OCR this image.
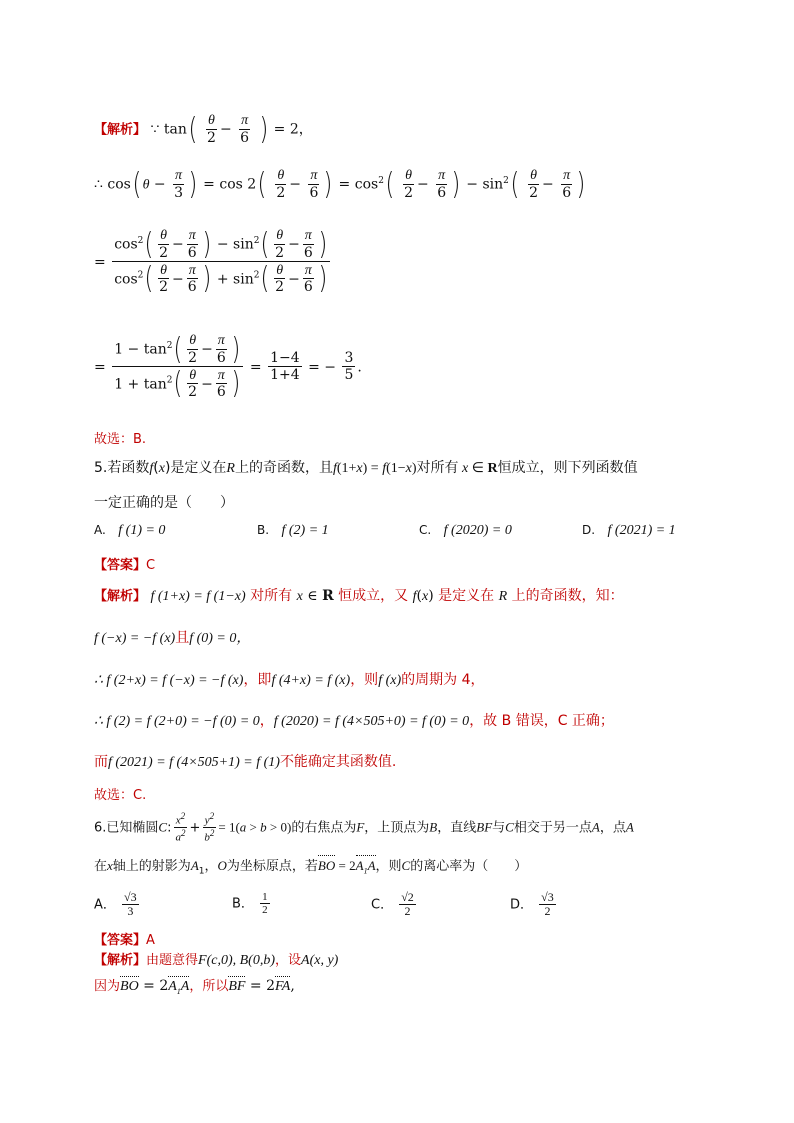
【解析】 ∵ $\tan( \frac{\theta}{2} - \frac{\pi}{6}$ ) = 2，
∴ $\cos(\theta - \frac{\pi}{3}$ ) = $\cos 2( \frac{\theta}{2} - \frac{\pi}{6}$ ) = $\cos^2( \frac{\theta}{2} - \frac{\pi}{6}$ ) − $\sin^2( \frac{\theta}{2} - \frac{\pi}{6}$ )
= $\frac{\cos^2( \frac{\theta}{2} - \frac{\pi}{6} ) - \sin^2( \frac{\theta}{2} - \frac{\pi}{6} )}{\cos^2( \frac{\theta}{2} - \frac{\pi}{6} ) + \sin^2( \frac{\theta}{2} - \frac{\pi}{6} )}$
= $\frac{1 - \tan^2( \frac{\theta}{2} - \frac{\pi}{6} )}{1 + \tan^2( \frac{\theta}{2} - \frac{\pi}{6} )} = \frac{1-4}{1+4}$ = − $\frac{3}{5}$ .
故选：B.
5.若函数f(x)是定义在R上的奇函数，且f(1+x) = f(1−x)对所有 x ∈ R恒成立，则下列函数值
一定正确的是（　　）
A. f (1) = 0	B. f (2) = 1	C. f (2020) = 0	D. f (2021) = 1
【答案】C
【解析】 f (1+x) = f (1−x) 对所有 x ∈ R 恒成立，又 f(x) 是定义在 R 上的奇函数，知：
f (−x) = −f (x)且f (0) = 0，
∴ f (2+x) = f (−x) = −f (x)，即f (4+x) = f (x)，则f (x)的周期为 4，
∴ f (2) = f (2+0) = −f (0) = 0，f (2020) = f (4×505+0) = f (0) = 0，故 B 错误，C 正确；
而f (2021) = f (4×505+1) = f (1)不能确定其函数值.
故选：C.
6.已知椭圆C: $\frac{x^2}{a^2} + \frac{y^2}{b^2} = 1(a > b > 0)$的右焦点为F，上顶点为B，直线BF与C相交于另一点A，点A
在x轴上的射影为$A_1$，O为坐标原点，若BO = $2A_1A$，则C的离心率为（　　）
A． $\frac{√3}{3}$	B． $\frac{1}{2}$	C． $\frac{√2}{2}$	D． $\frac{√3}{2}$
【答案】A
【解析】由题意得F(c,0), B(0,b)，设A(x, y)
因为BO = $2A_1A$，所以BF = 2FA,
